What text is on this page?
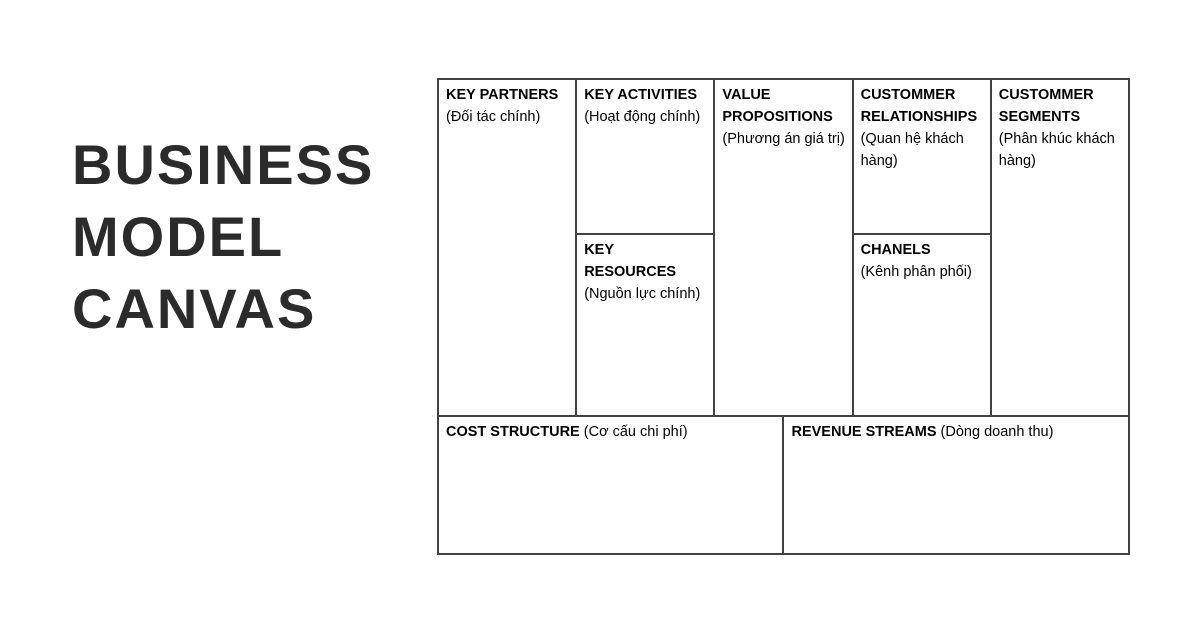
BUSINESS
MODEL
CANVAS
KEY PARTNERS
(Đối tác chính)
KEY ACTIVITIES
(Hoạt động chính)
KEY RESOURCES
(Nguồn lực chính)
VALUE PROPOSITIONS
(Phương án giá trị)
CUSTOMMER RELATIONSHIPS
(Quan hệ khách hàng)
CHANELS
(Kênh phân phối)
CUSTOMMER SEGMENTS
(Phân khúc khách hàng)
COST STRUCTURE (Cơ cấu chi phí)	REVENUE STREAMS (Dòng doanh thu)
